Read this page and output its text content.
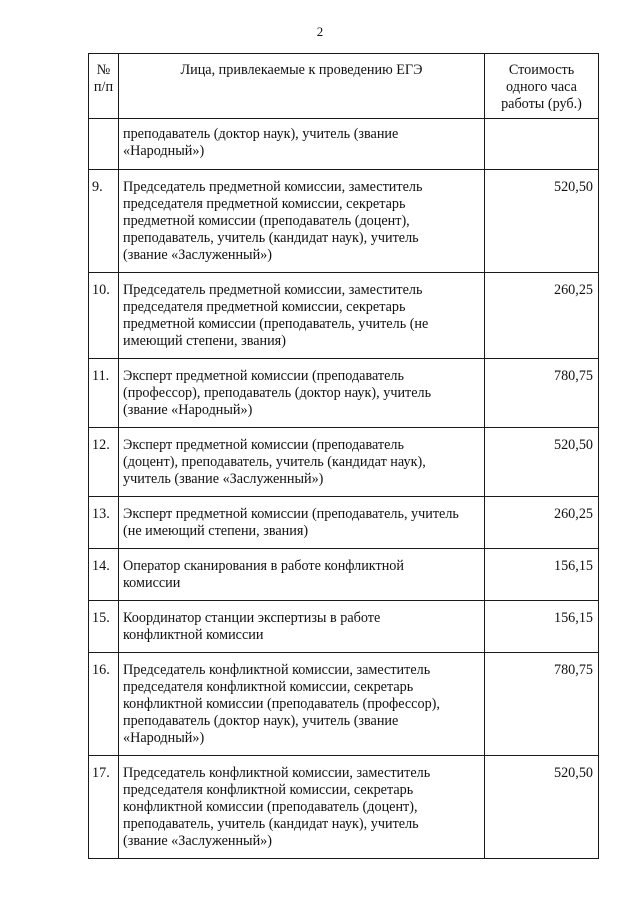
2
№
п/п	Лица, привлекаемые к проведению ЕГЭ	Стоимость
одного часа
работы (руб.)
	преподаватель (доктор наук), учитель (звание
«Народный»)	
9.	Председатель предметной комиссии, заместитель
председателя предметной комиссии, секретарь
предметной комиссии (преподаватель (доцент),
преподаватель, учитель (кандидат наук), учитель
(звание «Заслуженный»)	520,50
10.	Председатель предметной комиссии, заместитель
председателя предметной комиссии, секретарь
предметной комиссии (преподаватель, учитель (не
имеющий степени, звания)	260,25
11.	Эксперт предметной комиссии (преподаватель
(профессор), преподаватель (доктор наук), учитель
(звание «Народный»)	780,75
12.	Эксперт предметной комиссии (преподаватель
(доцент), преподаватель, учитель (кандидат наук),
учитель (звание «Заслуженный»)	520,50
13.	Эксперт предметной комиссии (преподаватель, учитель
(не имеющий степени, звания)	260,25
14.	Оператор сканирования в работе конфликтной
комиссии	156,15
15.	Координатор станции экспертизы в работе
конфликтной комиссии	156,15
16.	Председатель конфликтной комиссии, заместитель
председателя конфликтной комиссии, секретарь
конфликтной комиссии (преподаватель (профессор),
преподаватель (доктор наук), учитель (звание
«Народный»)	780,75
17.	Председатель конфликтной комиссии, заместитель
председателя конфликтной комиссии, секретарь
конфликтной комиссии (преподаватель (доцент),
преподаватель, учитель (кандидат наук), учитель
(звание «Заслуженный»)	520,50
